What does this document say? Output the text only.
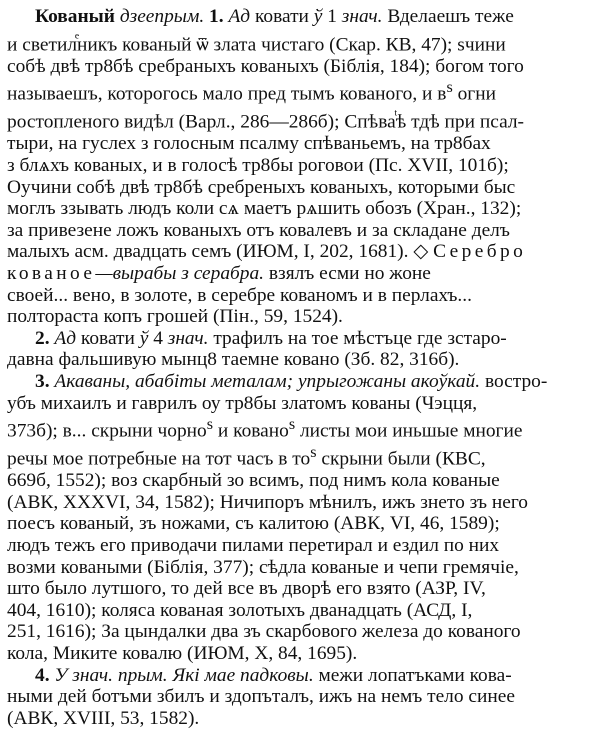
Кованый дзеепрым. 1. Ад ковати ў 1 знач. Вделаешъ теже
и светилникъ кованый ѿ злата чистаго (Скар. КВ, 47); ѕчини
собѣ двѣ тр8бѣ сребраныхъ кованыхъ (Біблія, 184); богом того
называешъ, которогось мало пред тымъ кованого, и $в^ѕ$ огни
ростопленого видѣл (Варл., 286—286б); Спѣваѣ тдѣ при псал-
тыри, на гуслех з голосным псалму спѣваньемъ, на тр8бах
з блѧхъ кованых, и в голосѣ тр8бы роговои (Пс. XVII, 101б);
Оучини собѣ двѣ тр8бѣ сребреныхъ кованыхъ, которыми быс
моглъ ззывать людъ коли сѧ маетъ рѧшить обозъ (Хран., 132);
за привезене ложъ кованыхъ отъ ковалевъ и за складане делъ
малыхъ асм. двадцать семъ (ИЮМ, I, 202, 1681). ◇ Серебро
кованое—вырабы з серабра. взялъ есми но жоне
своей... вено, в золоте, в серебре кованомъ и в перлахъ...
полтораста копъ грошей (Пін., 59, 1524).
2. Ад ковати ў 4 знач. трафилъ на тое мѣстъце где зстаро-
давна фальшивую мынц8 таемне ковано (Зб. 82, 316б).
3. Акаваны, абабіты металам; упрыгожаны акоўкай. востро-
убъ михаилъ и гаврилъ оу тр8бы златомъ кованы (Чэцця,
373б); в... скрыни чорно$^ѕ$ и ковано$^ѕ$ листы мои иньшые многие
речы мое потребные на тот часъ в $то^ѕ$ скрыни были (КВС,
669б, 1552); воз скарбный зо всимъ, под нимъ кола кованые
(АВК, XXXVI, 34, 1582); Ничипоръ мѣнилъ, ижъ знето зъ него
поесъ кованый, зъ ножами, съ калитою (АВК, VI, 46, 1589);
людъ тежъ его приводачи пилами перетирал и ездил по них
возми коваными (Біблія, 377); сѣдла кованые и чепи гремячіе,
што было лутшого, то дей все въ дворѣ его взято (АЗР, IV,
404, 1610); коляса кованая золотыхъ дванадцать (АСД, I,
251, 1616); За цындалки два зъ скарбового железа до кованого
кола, Миките ковалю (ИЮМ, X, 84, 1695).
4. У знач. прым. Які мае падковы. межи лопатъками кова-
ными дей ботъми збилъ и здопъталъ, ижъ на немъ тело синее
(АВК, XVIII, 53, 1582).
